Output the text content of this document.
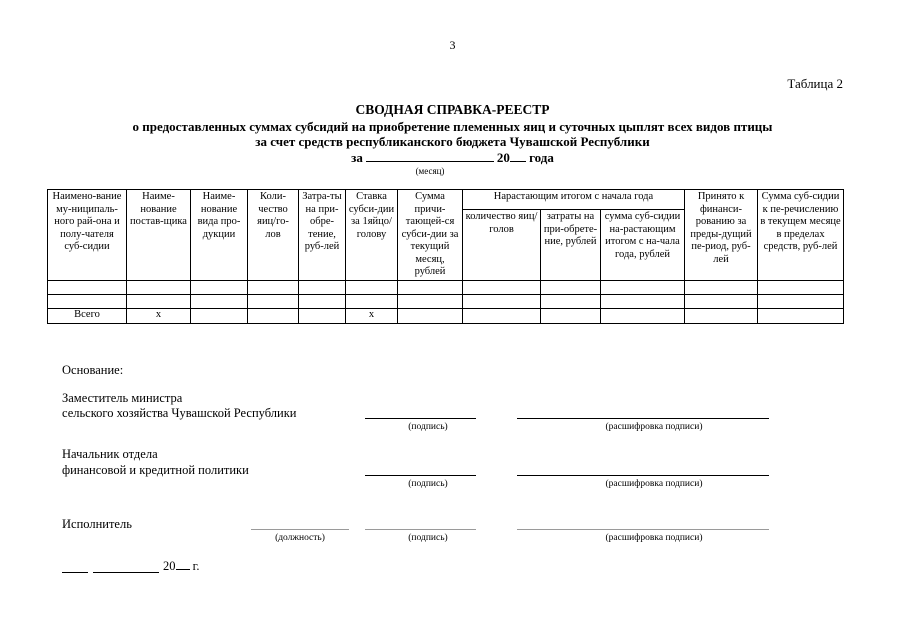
3
Таблица 2
СВОДНАЯ СПРАВКА-РЕЕСТР
о предоставленных суммах субсидий на приобретение племенных яиц и суточных цыплят всех видов птицы
за счет средств республиканского бюджета Чувашской Республики
за	20 года
(месяц)
Наимено-вание му-ниципаль-ного рай-она и полу-чателя суб-сидии	Наиме-нование постав-щика	Наиме-нование вида про-дукции	Коли-чество яиц/го-лов	Затра-ты на при-обре-тение, руб-лей	Ставка субси-дии за 1яйцо/ голову	Сумма причи-тающей-ся субси-дии за текущий месяц, рублей	Нарастающим итогом с начала года			Принято к финанси-рованию за преды-дущий пе-риод, руб-лей	Сумма суб-сидии к пе-речислению в текущем месяце в пределах средств, руб-лей
							количество яиц/голов	затраты на при-обрете-ние, рублей	сумма суб-сидии на-растающим итогом с на-чала года, рублей		

Всего	х				х						
Основание:
Заместитель министра
сельского хозяйства Чувашской Республики
(подпись)	(расшифровка подписи)
Начальник отдела
финансовой и кредитной политики
(подпись)	(расшифровка подписи)
Исполнитель
(должность)	(подпись)	(расшифровка подписи)
20 г.
